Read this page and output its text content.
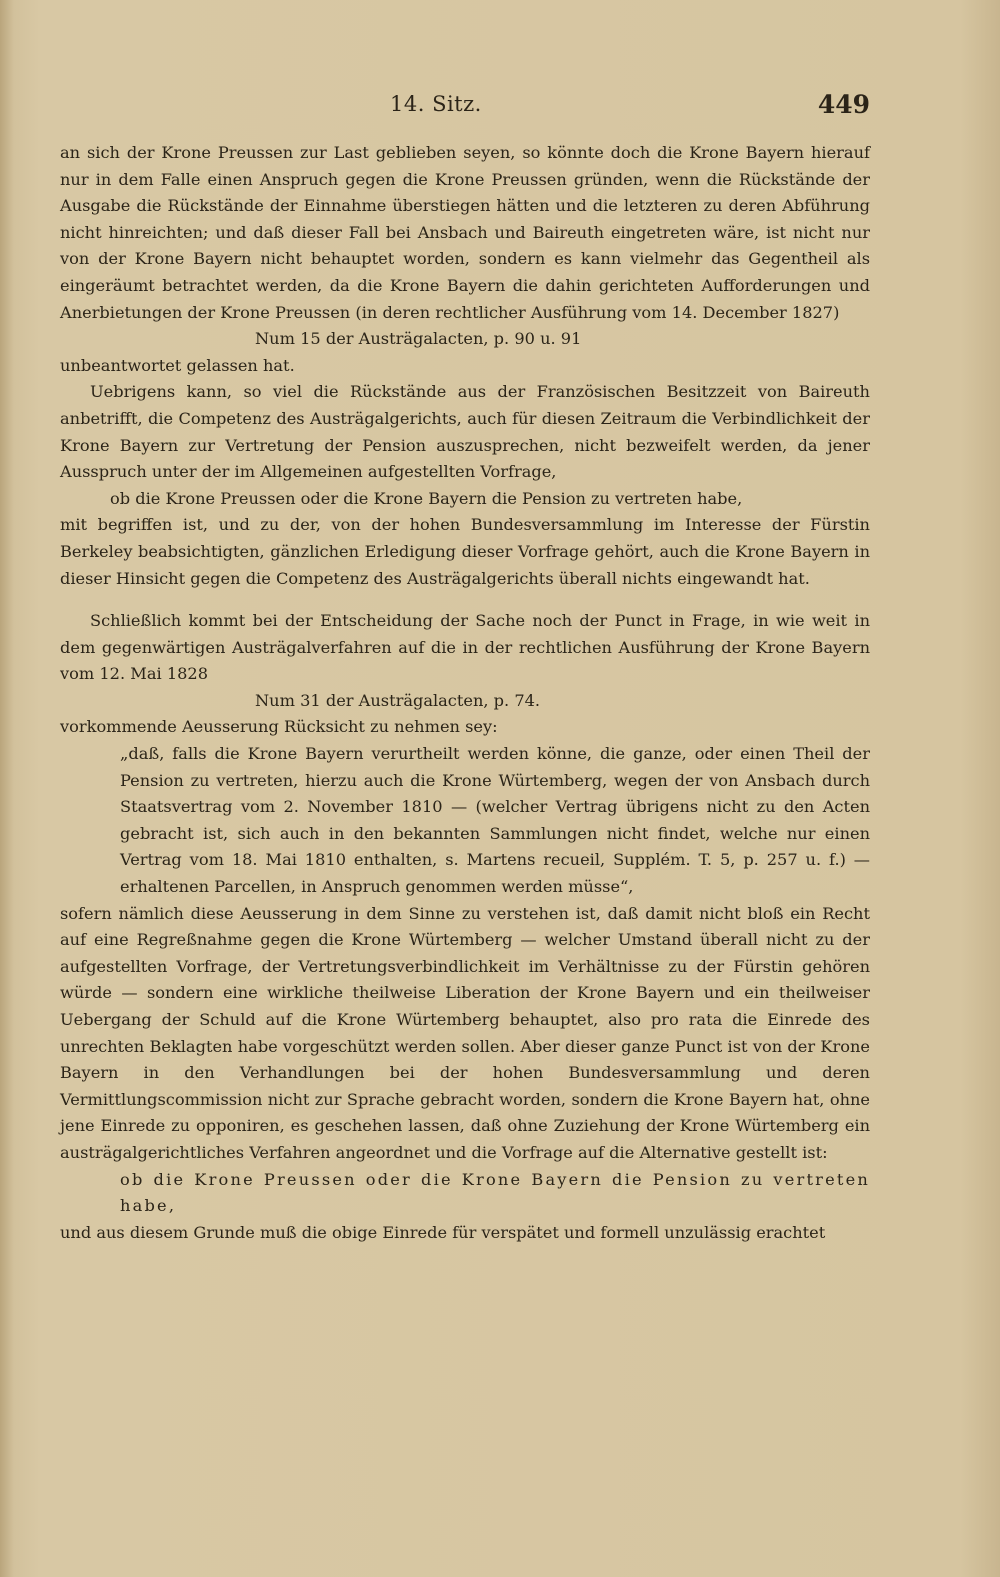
14. Sitz.	449

an sich der Krone Preussen zur Last geblieben seyen, so könnte doch die Krone Bayern hierauf nur in dem Falle einen Anspruch gegen die Krone Preussen gründen, wenn die Rückstände der Ausgabe die Rückstände der Einnahme überstiegen hätten und die letzteren zu deren Abführung nicht hinreichten; und daß dieser Fall bei Ansbach und Baireuth eingetreten wäre, ist nicht nur von der Krone Bayern nicht behauptet worden, sondern es kann vielmehr das Gegentheil als eingeräumt betrachtet werden, da die Krone Bayern die dahin gerichteten Aufforderungen und Anerbietungen der Krone Preussen (in deren rechtlicher Ausführung vom 14. December 1827)

Num 15 der Austrägalacten, p. 90 u. 91

unbeantwortet gelassen hat.

Uebrigens kann, so viel die Rückstände aus der Französischen Besitzzeit von Baireuth anbetrifft, die Competenz des Austrägalgerichts, auch für diesen Zeitraum die Verbindlichkeit der Krone Bayern zur Vertretung der Pension auszusprechen, nicht bezweifelt werden, da jener Ausspruch unter der im Allgemeinen aufgestellten Vorfrage,

ob die Krone Preussen oder die Krone Bayern die Pension zu vertreten habe,

mit begriffen ist, und zu der, von der hohen Bundesversammlung im Interesse der Fürstin Berkeley beabsichtigten, gänzlichen Erledigung dieser Vorfrage gehört, auch die Krone Bayern in dieser Hinsicht gegen die Competenz des Austrägalgerichts überall nichts eingewandt hat.

Schließlich kommt bei der Entscheidung der Sache noch der Punct in Frage, in wie weit in dem gegenwärtigen Austrägalverfahren auf die in der rechtlichen Ausführung der Krone Bayern vom 12. Mai 1828

Num 31 der Austrägalacten, p. 74.

vorkommende Aeusserung Rücksicht zu nehmen sey:

„daß, falls die Krone Bayern verurtheilt werden könne, die ganze, oder einen Theil der Pension zu vertreten, hierzu auch die Krone Würtemberg, wegen der von Ansbach durch Staatsvertrag vom 2. November 1810 — (welcher Vertrag übrigens nicht zu den Acten gebracht ist, sich auch in den bekannten Sammlungen nicht findet, welche nur einen Vertrag vom 18. Mai 1810 enthalten, s. Martens recueil, Supplém. T. 5, p. 257 u. f.) — erhaltenen Parcellen, in Anspruch genommen werden müsse“,

sofern nämlich diese Aeusserung in dem Sinne zu verstehen ist, daß damit nicht bloß ein Recht auf eine Regreßnahme gegen die Krone Würtemberg — welcher Umstand überall nicht zu der aufgestellten Vorfrage, der Vertretungsverbindlichkeit im Verhältnisse zu der Fürstin gehören würde — sondern eine wirkliche theilweise Liberation der Krone Bayern und ein theilweiser Uebergang der Schuld auf die Krone Würtemberg behauptet, also pro rata die Einrede des unrechten Beklagten habe vorgeschützt werden sollen. Aber dieser ganze Punct ist von der Krone Bayern in den Verhandlungen bei der hohen Bundesversammlung und deren Vermittlungscommission nicht zur Sprache gebracht worden, sondern die Krone Bayern hat, ohne jene Einrede zu opponiren, es geschehen lassen, daß ohne Zuziehung der Krone Würtemberg ein austrägalgerichtliches Verfahren angeordnet und die Vorfrage auf die Alternative gestellt ist:

ob die Krone Preussen oder die Krone Bayern die Pension zu vertreten habe,

und aus diesem Grunde muß die obige Einrede für verspätet und formell unzulässig erachtet
